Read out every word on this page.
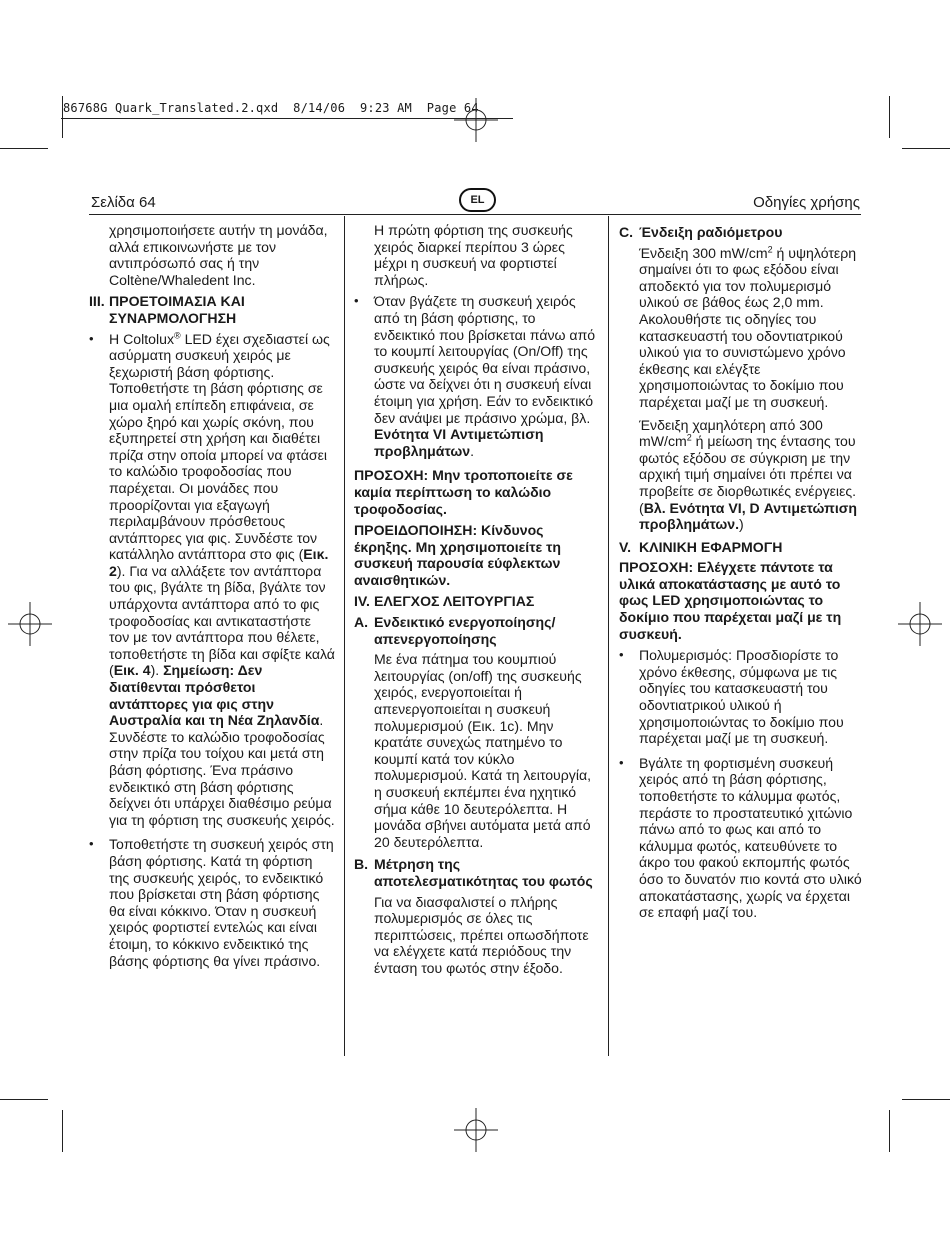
86768G Quark_Translated.2.qxd  8/14/06  9:23 AM  Page 64
Σελίδα 64	EL	Οδηγίες χρήσης

χρησιμοποιήσετε αυτήν τη μονάδα, αλλά επικοινωνήστε με τον αντιπρόσωπό σας ή την Coltène/Whaledent Inc.

III. ΠΡΟΕΤΟΙΜΑΣΙΑ ΚΑΙ ΣΥΝΑΡΜΟΛΟΓΗΣΗ
•	Η Coltolux® LED έχει σχεδιαστεί ως ασύρματη συσκευή χειρός με ξεχωριστή βάση φόρτισης. Τοποθετήστε τη βάση φόρτισης σε μια ομαλή επίπεδη επιφάνεια, σε χώρο ξηρό και χωρίς σκόνη, που εξυπηρετεί στη χρήση και διαθέτει πρίζα στην οποία μπορεί να φτάσει το καλώδιο τροφοδοσίας που παρέχεται. Οι μονάδες που προορίζονται για εξαγωγή περιλαμβάνουν πρόσθετους αντάπτορες για φις. Συνδέστε τον κατάλληλο αντάπτορα στο φις (Εικ. 2). Για να αλλάξετε τον αντάπτορα του φις, βγάλτε τη βίδα, βγάλτε τον υπάρχοντα αντάπτορα από το φις τροφοδοσίας και αντικαταστήστε τον με τον αντάπτορα που θέλετε, τοποθετήστε τη βίδα και σφίξτε καλά (Εικ. 4). Σημείωση: Δεν διατίθενται πρόσθετοι αντάπτορες για φις στην Αυστραλία και τη Νέα Ζηλανδία. Συνδέστε το καλώδιο τροφοδοσίας στην πρίζα του τοίχου και μετά στη βάση φόρτισης. Ένα πράσινο ενδεικτικό στη βάση φόρτισης δείχνει ότι υπάρχει διαθέσιμο ρεύμα για τη φόρτιση της συσκευής χειρός.
•	Τοποθετήστε τη συσκευή χειρός στη βάση φόρτισης. Κατά τη φόρτιση της συσκευής χειρός, το ενδεικτικό που βρίσκεται στη βάση φόρτισης θα είναι κόκκινο. Όταν η συσκευή χειρός φορτιστεί εντελώς και είναι έτοιμη, το κόκκινο ενδεικτικό της βάσης φόρτισης θα γίνει πράσινο.

Η πρώτη φόρτιση της συσκευής χειρός διαρκεί περίπου 3 ώρες μέχρι η συσκευή να φορτιστεί πλήρως.

•	Όταν βγάζετε τη συσκευή χειρός από τη βάση φόρτισης, το ενδεικτικό που βρίσκεται πάνω από το κουμπί λειτουργίας (On/Off) της συσκευής χειρός θα είναι πράσινο, ώστε να δείχνει ότι η συσκευή είναι έτοιμη για χρήση. Εάν το ενδεικτικό δεν ανάψει με πράσινο χρώμα, βλ. Ενότητα VI Αντιμετώπιση προβλημάτων.

ΠΡΟΣΟΧΗ: Μην τροποποιείτε σε καμία περίπτωση το καλώδιο τροφοδοσίας.

ΠΡΟΕΙΔΟΠΟΙΗΣΗ: Κίνδυνος έκρηξης. Μη χρησιμοποιείτε τη συσκευή παρουσία εύφλεκτων αναισθητικών.

IV. ΕΛΕΓΧΟΣ ΛΕΙΤΟΥΡΓΙΑΣ
A. Ενδεικτικό ενεργοποίησης/ απενεργοποίησης

Με ένα πάτημα του κουμπιού λειτουργίας (on/off) της συσκευής χειρός, ενεργοποιείται ή απενεργοποιείται η συσκευή πολυμερισμού (Εικ. 1c). Μην κρατάτε συνεχώς πατημένο το κουμπί κατά τον κύκλο πολυμερισμού. Κατά τη λειτουργία, η συσκευή εκπέμπει ένα ηχητικό σήμα κάθε 10 δευτερόλεπτα. Η μονάδα σβήνει αυτόματα μετά από 20 δευτερόλεπτα.

B. Μέτρηση της αποτελεσματικότητας του φωτός

Για να διασφαλιστεί ο πλήρης πολυμερισμός σε όλες τις περιπτώσεις, πρέπει οπωσδήποτε να ελέγχετε κατά περιόδους την ένταση του φωτός στην έξοδο.

C. Ένδειξη ραδιόμετρου

Ένδειξη 300 $mW/cm^2$ ή υψηλότερη σημαίνει ότι το φως εξόδου είναι αποδεκτό για τον πολυμερισμό υλικού σε βάθος έως 2,0 mm. Ακολουθήστε τις οδηγίες του κατασκευαστή του οδοντιατρικού υλικού για το συνιστώμενο χρόνο έκθεσης και ελέγξτε χρησιμοποιώντας το δοκίμιο που παρέχεται μαζί με τη συσκευή.

Ένδειξη χαμηλότερη από 300 $mW/cm^2$ ή μείωση της έντασης του φωτός εξόδου σε σύγκριση με την αρχική τιμή σημαίνει ότι πρέπει να προβείτε σε διορθωτικές ενέργειες. (Βλ. Ενότητα VI, D Αντιμετώπιση προβλημάτων.)

V. ΚΛΙΝΙΚΗ ΕΦΑΡΜΟΓΗ

ΠΡΟΣΟΧΗ: Ελέγχετε πάντοτε τα υλικά αποκατάστασης με αυτό το φως LED χρησιμοποιώντας το δοκίμιο που παρέχεται μαζί με τη συσκευή.

•	Πολυμερισμός: Προσδιορίστε το χρόνο έκθεσης, σύμφωνα με τις οδηγίες του κατασκευαστή του οδοντιατρικού υλικού ή χρησιμοποιώντας το δοκίμιο που παρέχεται μαζί με τη συσκευή.
•	Βγάλτε τη φορτισμένη συσκευή χειρός από τη βάση φόρτισης, τοποθετήστε το κάλυμμα φωτός, περάστε το προστατευτικό χιτώνιο πάνω από το φως και από το κάλυμμα φωτός, κατευθύνετε το άκρο του φακού εκπομπής φωτός όσο το δυνατόν πιο κοντά στο υλικό αποκατάστασης, χωρίς να έρχεται σε επαφή μαζί του.
